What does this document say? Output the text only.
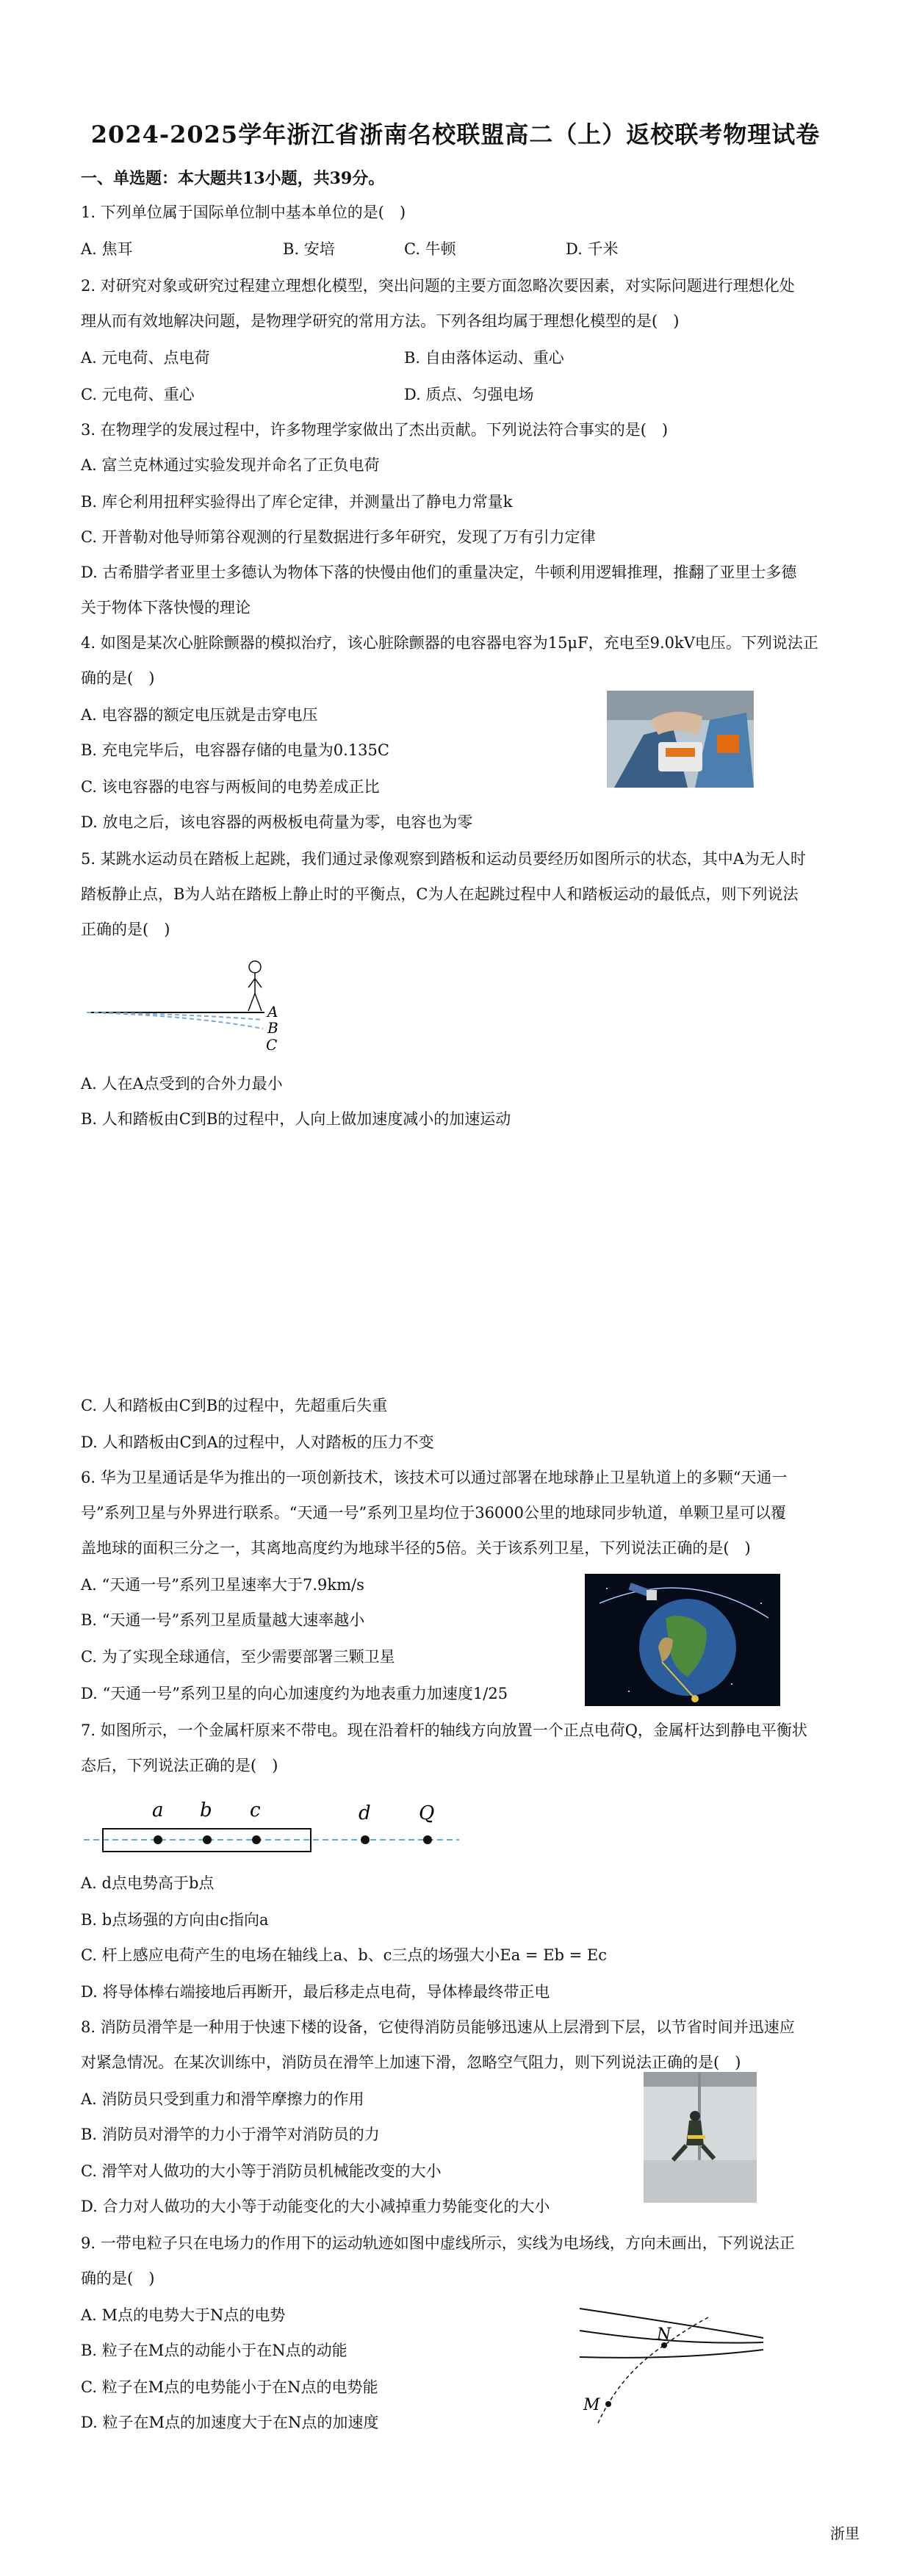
2024-2025学年浙江省浙南名校联盟高二（上）返校联考物理试卷
一、单选题：本大题共13小题，共39分。
1. 下列单位属于国际单位制中基本单位的是(　)
A. 焦耳	B. 安培	C. 牛顿	D. 千米
2. 对研究对象或研究过程建立理想化模型，突出问题的主要方面忽略次要因素，对实际问题进行理想化处
理从而有效地解决问题，是物理学研究的常用方法。下列各组均属于理想化模型的是(　)
A. 元电荷、点电荷	B. 自由落体运动、重心
C. 元电荷、重心	D. 质点、匀强电场
3. 在物理学的发展过程中，许多物理学家做出了杰出贡献。下列说法符合事实的是(　)
A. 富兰克林通过实验发现并命名了正负电荷
B. 库仑利用扭秤实验得出了库仑定律，并测量出了静电力常量k
C. 开普勒对他导师第谷观测的行星数据进行多年研究，发现了万有引力定律
D. 古希腊学者亚里士多德认为物体下落的快慢由他们的重量决定，牛顿利用逻辑推理，推翻了亚里士多德
关于物体下落快慢的理论
4. 如图是某次心脏除颤器的模拟治疗，该心脏除颤器的电容器电容为15μF，充电至9.0kV电压。下列说法正
确的是(　)
A. 电容器的额定电压就是击穿电压
B. 充电完毕后，电容器存储的电量为0.135C
C. 该电容器的电容与两板间的电势差成正比
D. 放电之后，该电容器的两极板电荷量为零，电容也为零
5. 某跳水运动员在踏板上起跳，我们通过录像观察到踏板和运动员要经历如图所示的状态，其中A为无人时
踏板静止点，B为人站在踏板上静止时的平衡点，C为人在起跳过程中人和踏板运动的最低点，则下列说法
正确的是(　)
A
B
C
A. 人在A点受到的合外力最小
B. 人和踏板由C到B的过程中，人向上做加速度减小的加速运动
C. 人和踏板由C到B的过程中，先超重后失重
D. 人和踏板由C到A的过程中，人对踏板的压力不变
6. 华为卫星通话是华为推出的一项创新技术，该技术可以通过部署在地球静止卫星轨道上的多颗“天通一
号”系列卫星与外界进行联系。“天通一号”系列卫星均位于36000公里的地球同步轨道，单颗卫星可以覆
盖地球的面积三分之一，其离地高度约为地球半径的5倍。关于该系列卫星，下列说法正确的是(　)
A. “天通一号”系列卫星速率大于7.9km/s
B. “天通一号”系列卫星质量越大速率越小
C. 为了实现全球通信，至少需要部署三颗卫星
D. “天通一号”系列卫星的向心加速度约为地表重力加速度1/25
7. 如图所示，一个金属杆原来不带电。现在沿着杆的轴线方向放置一个正点电荷Q，金属杆达到静电平衡状
态后，下列说法正确的是(　)
a b c	d	Q
A. d点电势高于b点
B. b点场强的方向由c指向a
C. 杆上感应电荷产生的电场在轴线上a、b、c三点的场强大小Ea = Eb = Ec
D. 将导体棒右端接地后再断开，最后移走点电荷，导体棒最终带正电
8. 消防员滑竿是一种用于快速下楼的设备，它使得消防员能够迅速从上层滑到下层，以节省时间并迅速应
对紧急情况。在某次训练中，消防员在滑竿上加速下滑，忽略空气阻力，则下列说法正确的是(　)
A. 消防员只受到重力和滑竿摩擦力的作用
B. 消防员对滑竿的力小于滑竿对消防员的力
C. 滑竿对人做功的大小等于消防员机械能改变的大小
D. 合力对人做功的大小等于动能变化的大小减掉重力势能变化的大小
9. 一带电粒子只在电场力的作用下的运动轨迹如图中虚线所示，实线为电场线，方向未画出，下列说法正
确的是(　)
A. M点的电势大于N点的电势
B. 粒子在M点的动能小于在N点的动能
C. 粒子在M点的电势能小于在N点的电势能
D. 粒子在M点的加速度大于在N点的加速度
N
M
浙里
